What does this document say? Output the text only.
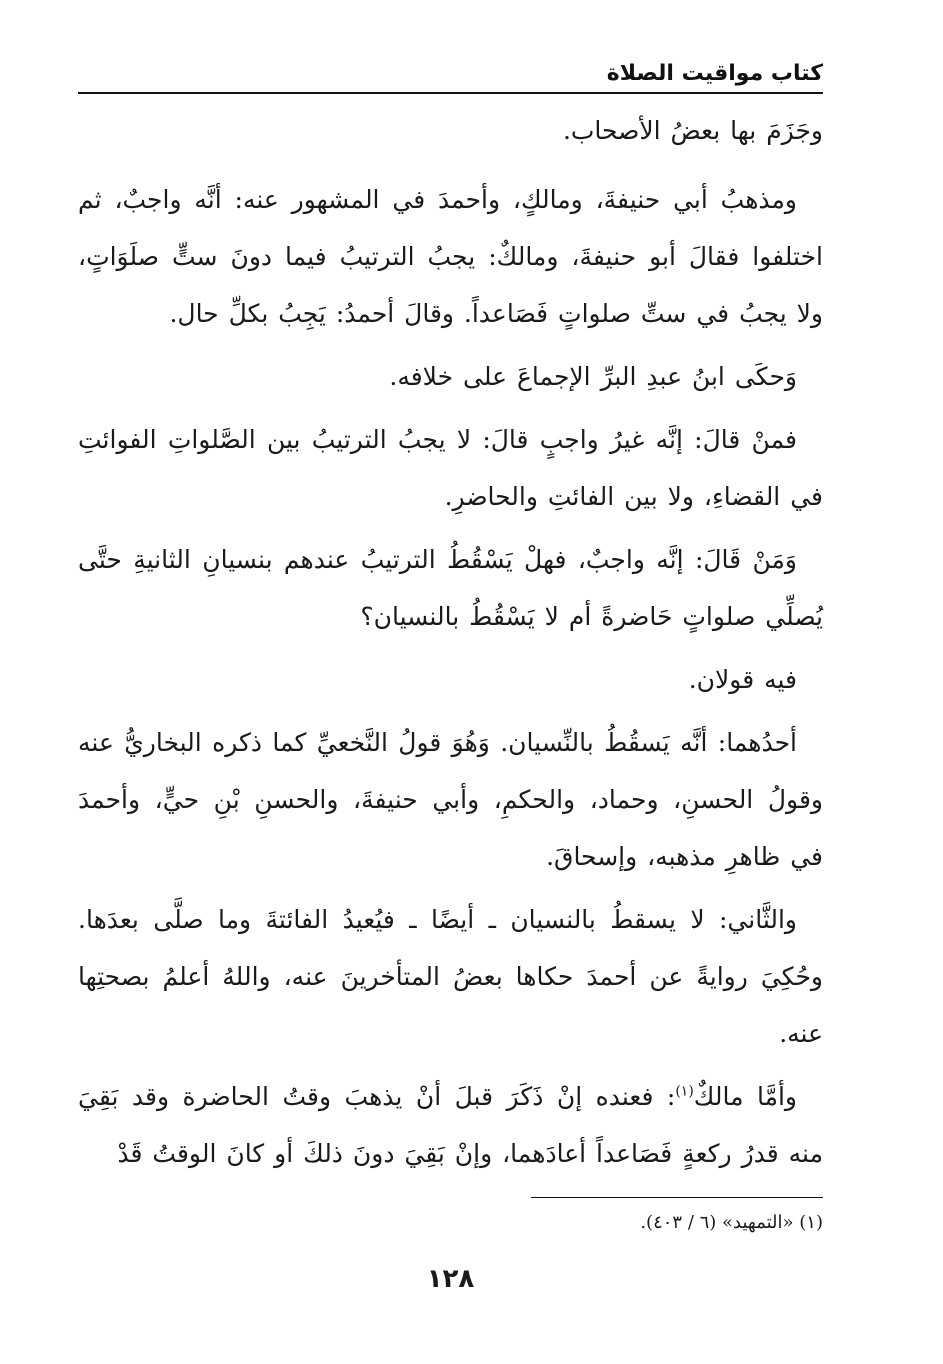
كتاب مواقيت الصلاة

وجَزَمَ بها بعضُ الأصحاب.

ومذهبُ أبي حنيفةَ، ومالكٍ، وأحمدَ في المشهور عنه: أنَّه واجبٌ، ثم اختلفوا فقالَ أبو حنيفةَ، ومالكٌ: يجبُ الترتيبُ فيما دونَ ستٍّ صلَوَاتٍ، ولا يجبُ في ستِّ صلواتٍ فَصَاعداً. وقالَ أحمدُ: يَجِبُ بكلِّ حال.

وَحكَى ابنُ عبدِ البرِّ الإجماعَ على خلافه.

فمنْ قالَ: إنَّه غيرُ واجبٍ قالَ: لا يجبُ الترتيبُ بين الصَّلواتِ الفوائتِ في القضاءِ، ولا بين الفائتِ والحاضرِ.

وَمَنْ قَالَ: إنَّه واجبٌ، فهلْ يَسْقُطُ الترتيبُ عندهم بنسيانِ الثانيةِ حتَّى يُصلِّي صلواتٍ حَاضرةً أم لا يَسْقُطُ بالنسيان؟

فيه قولان.

أحدُهما: أنَّه يَسقُطُ بالنِّسيان. وَهُوَ قولُ النَّخعيِّ كما ذكره البخاريُّ عنه وقولُ الحسنِ، وحماد، والحكمِ، وأبي حنيفةَ، والحسنِ بْنِ حيٍّ، وأحمدَ في ظاهرِ مذهبه، وإسحاقَ.

والثَّاني: لا يسقطُ بالنسيان ـ أيضًا ـ فيُعيدُ الفائتةَ وما صلَّى بعدَها. وحُكِيَ روايةً عن أحمدَ حكاها بعضُ المتأخرينَ عنه، واللهُ أعلمُ بصحتِها عنه.

وأمَّا مالكٌ$^{(١)}$: فعنده إنْ ذَكَرَ قبلَ أنْ يذهبَ وقتُ الحاضرة وقد بَقِيَ منه قدرُ ركعةٍ فَصَاعداً أعادَهما، وإنْ بَقِيَ دونَ ذلكَ أو كانَ الوقتُ قَدْ

(١) «التمهيد» (٦ / ٤٠٣).
١٢٨
